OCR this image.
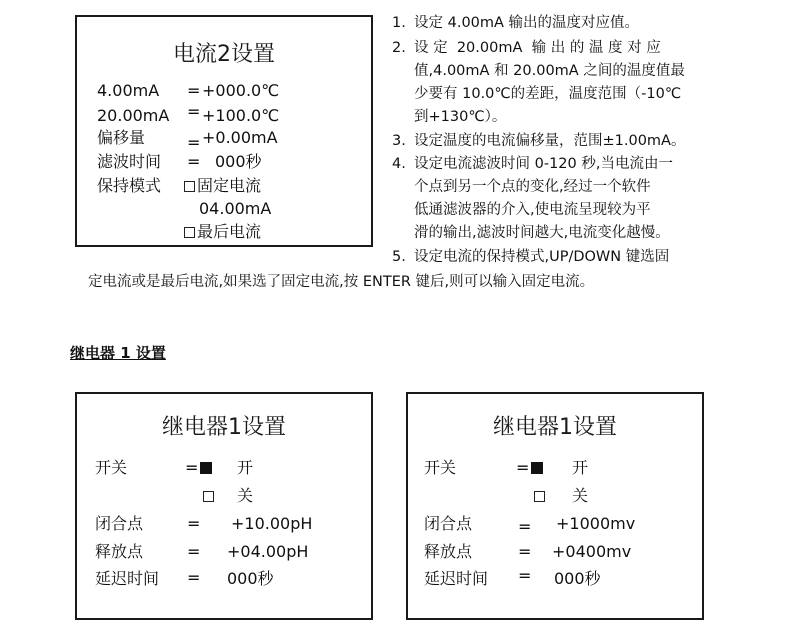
电流2设置
4.00mA = +000.0℃
20.00mA = +100.0℃
偏移量	= +0.00mA
滤波时间 = 000秒
保持模式	固定电流
04.00mA
最后电流
1. 设定 4.00mA 输出的温度对应值。
2. 设 定  20.00mA  输 出 的 温 度 对 应
值,4.00mA 和 20.00mA 之间的温度值最
少要有 10.0℃的差距，温度范围（-10℃
到+130℃）。
3. 设定温度的电流偏移量，范围±1.00mA。
4. 设定电流滤波时间 0-120 秒,当电流由一
个点到另一个点的变化,经过一个软件
低通滤波器的介入,使电流呈现较为平
滑的输出,滤波时间越大,电流变化越慢。
5. 设定电流的保持模式,UP/DOWN 键选固
定电流或是最后电流,如果选了固定电流,按 ENTER 键后,则可以输入固定电流。
继电器 1 设置
继电器1设置
开关	=	开
关
闭合点	= +10.00pH
释放点	= +04.00pH
延迟时间 = 000秒
继电器1设置
开关	=	开
关
闭合点	= +1000mv
释放点	= +0400mv
延迟时间 = 000秒
